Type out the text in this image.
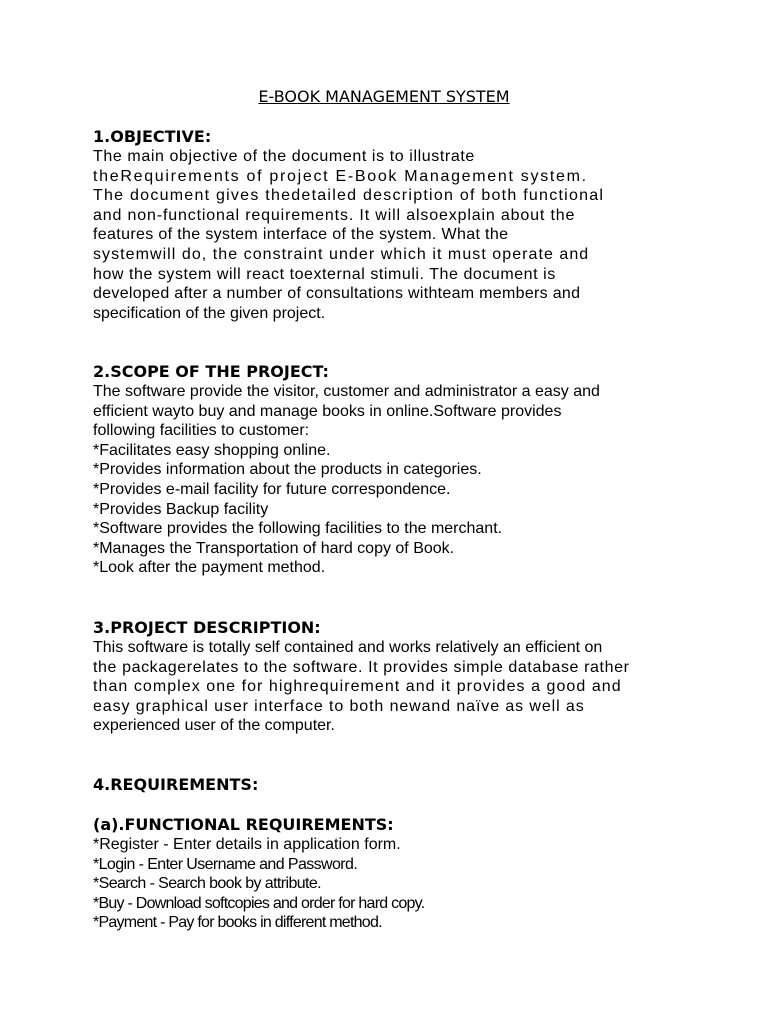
E-BOOK MANAGEMENT SYSTEM
1.OBJECTIVE:
The main objective of the document is to illustrate
theRequirements of project E-Book Management system.
The document gives thedetailed description of both functional
and non-functional requirements. It will alsoexplain about the
features of the system interface of the system. What the
systemwill do, the constraint under which it must operate and
how the system will react toexternal stimuli. The document is
developed after a number of consultations withteam members and
specification of the given project.
2.SCOPE OF THE PROJECT:
The software provide the visitor, customer and administrator a easy and
efficient wayto buy and manage books in online.Software provides
following facilities to customer:
*Facilitates easy shopping online.
*Provides information about the products in categories.
*Provides e-mail facility for future correspondence.
*Provides Backup facility
*Software provides the following facilities to the merchant.
*Manages the Transportation of hard copy of Book.
*Look after the payment method.
3.PROJECT DESCRIPTION:
This software is totally self contained and works relatively an efficient on
the packagerelates to the software. It provides simple database rather
than complex one for highrequirement and it provides a good and
easy graphical user interface to both newand naïve as well as
experienced user of the computer.
4.REQUIREMENTS:
(a).FUNCTIONAL REQUIREMENTS:
*Register - Enter details in application form.
*Login - Enter Username and Password.
*Search - Search book by attribute.
*Buy - Download softcopies and order for hard copy.
*Payment - Pay for books in different method.
